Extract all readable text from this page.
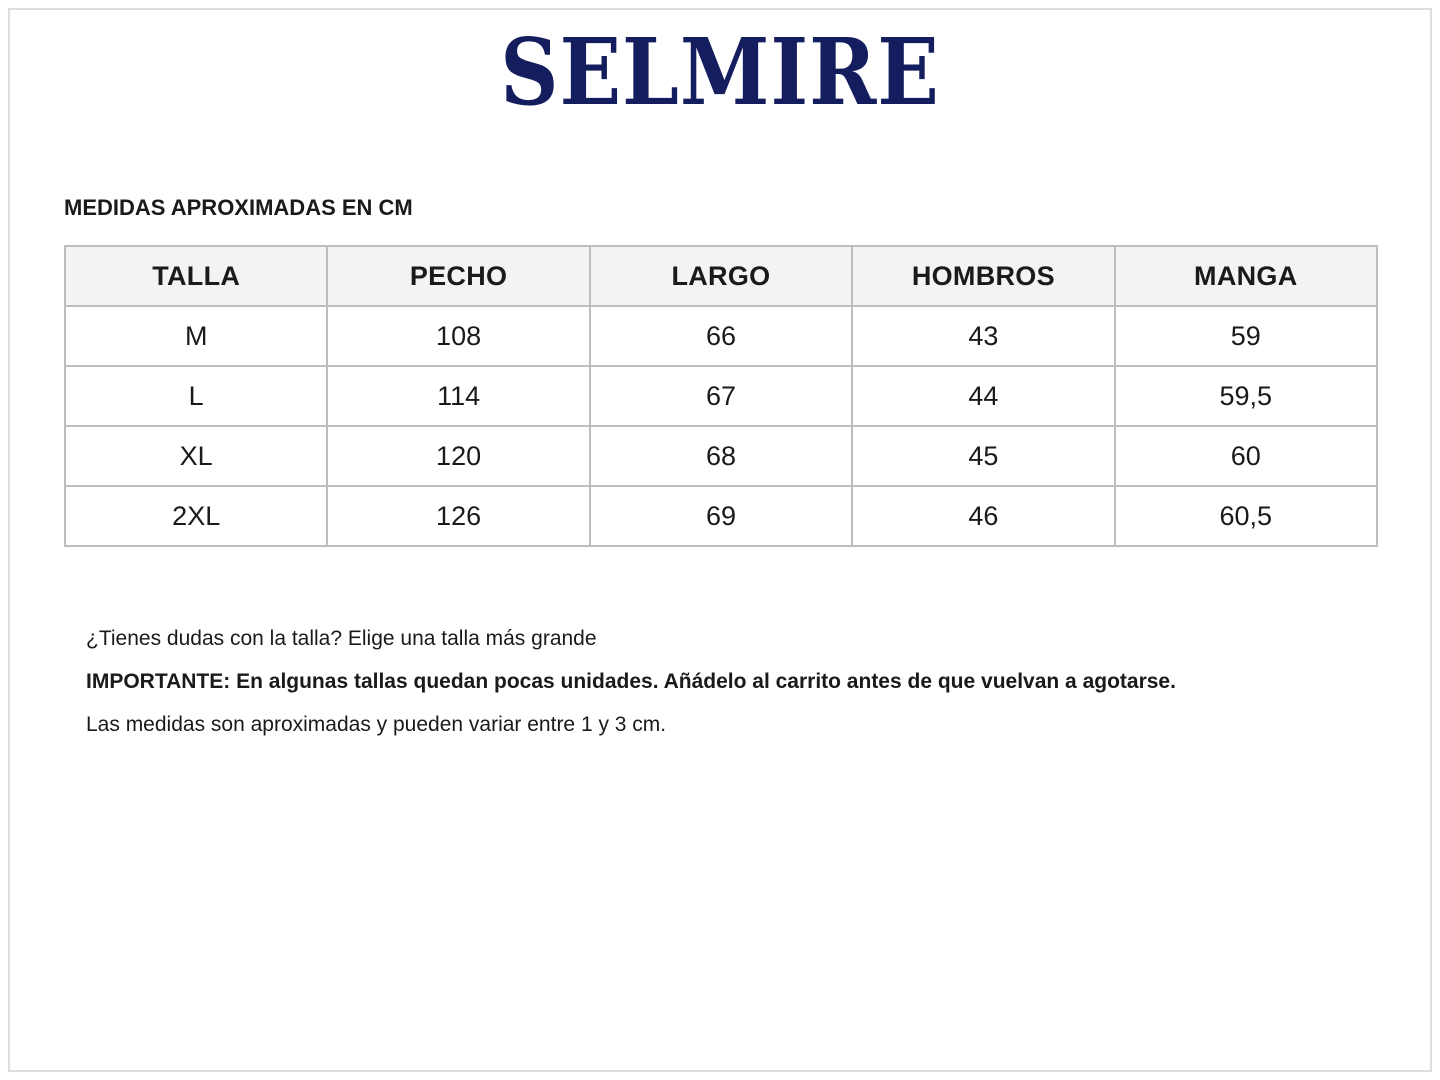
SELMIRE
MEDIDAS APROXIMADAS EN CM
TALLA	PECHO	LARGO	HOMBROS	MANGA
M	108	66	43	59
L	114	67	44	59,5
XL	120	68	45	60
2XL	126	69	46	60,5

¿Tienes dudas con la talla? Elige una talla más grande

IMPORTANTE: En algunas tallas quedan pocas unidades. Añádelo al carrito antes de que vuelvan a agotarse.

Las medidas son aproximadas y pueden variar entre 1 y 3 cm.
